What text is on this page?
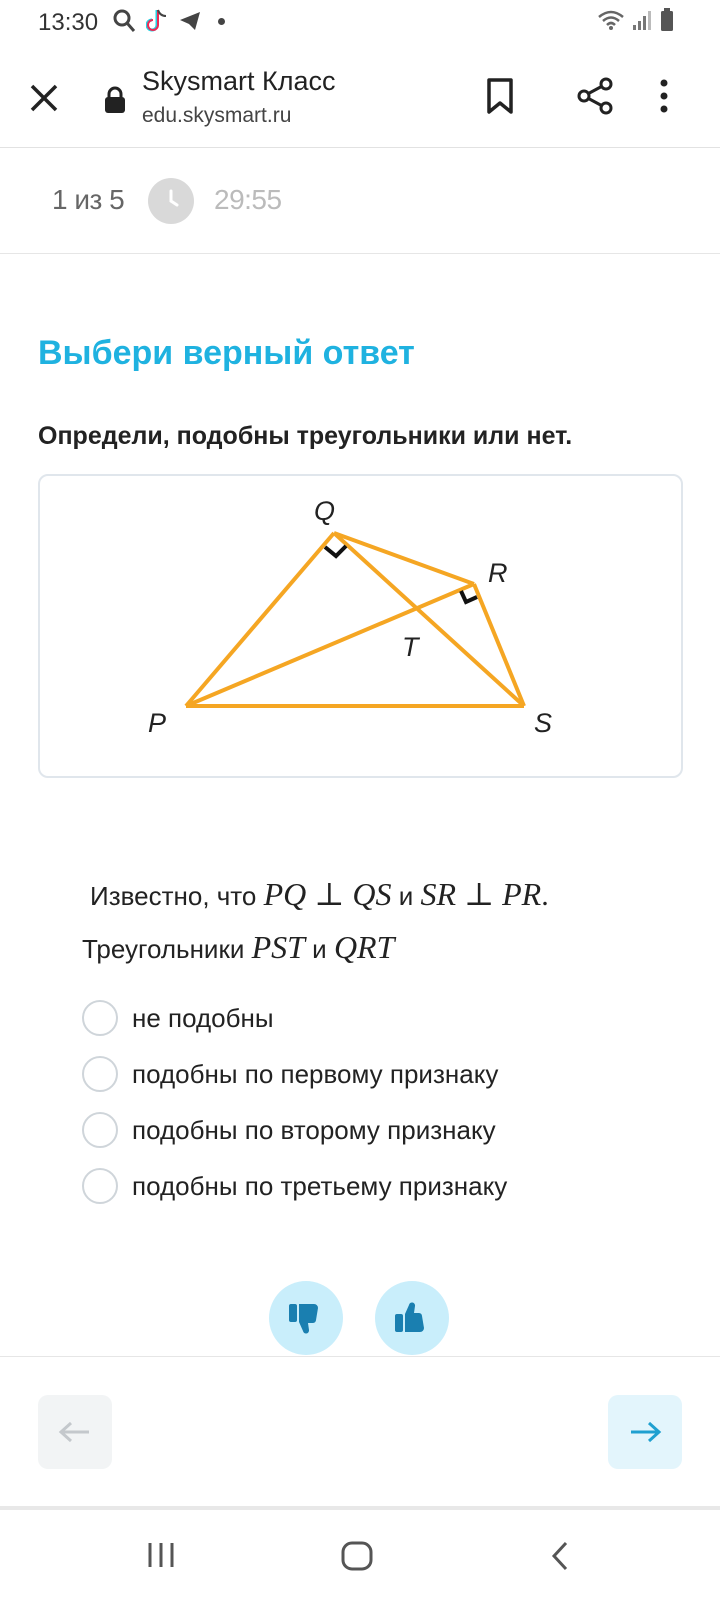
13:30
Skysmart Класс
edu.skysmart.ru
1 из 5	29:55
Выбери верный ответ
Определи, подобны треугольники или нет.
Q
R
T
P	S
Известно, что PQ ⊥ QS и SR ⊥ PR.
Треугольники PST и QRT
не подобны
подобны по первому признаку
подобны по второму признаку
подобны по третьему признаку
